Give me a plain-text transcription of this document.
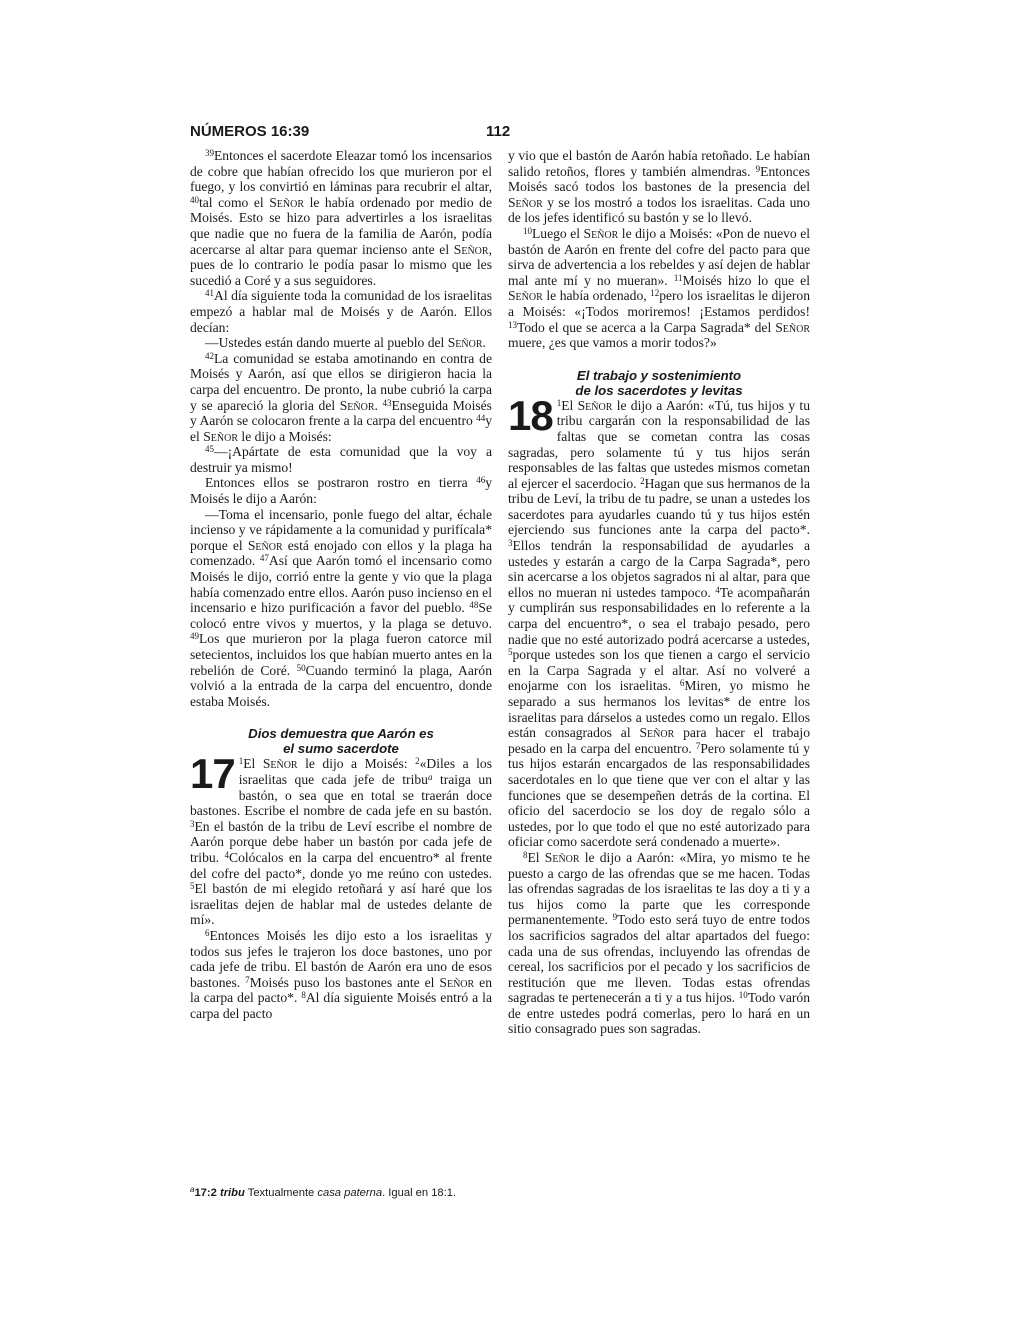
NÚMEROS 16:39	112

$^{39}$Entonces el sacerdote Eleazar tomó los incensarios de cobre que habían ofrecido los que murieron por el fuego, y los convirtió en láminas para recubrir el altar, $^{40}$tal como el Señor le había ordenado por medio de Moisés. Esto se hizo para advertirles a los israelitas que nadie que no fuera de la familia de Aarón, podía acercarse al altar para quemar incienso ante el Señor, pues de lo contrario le podía pasar lo mismo que les sucedió a Coré y a sus seguidores.

$^{41}$Al día siguiente toda la comunidad de los israelitas empezó a hablar mal de Moisés y de Aarón. Ellos decían:

—Ustedes están dando muerte al pueblo del Señor.

$^{42}$La comunidad se estaba amotinando en contra de Moisés y Aarón, así que ellos se dirigieron hacia la carpa del encuentro. De pronto, la nube cubrió la carpa y se apareció la gloria del Señor. $^{43}$Enseguida Moisés y Aarón se colocaron frente a la carpa del encuentro $^{44}$y el Señor le dijo a Moisés:

$^{45}$—¡Apártate de esta comunidad que la voy a destruir ya mismo!

Entonces ellos se postraron rostro en tierra $^{46}$y Moisés le dijo a Aarón:

—Toma el incensario, ponle fuego del altar, échale incienso y ve rápidamente a la comunidad y purifícala* porque el Señor está enojado con ellos y la plaga ha comenzado. $^{47}$Así que Aarón tomó el incensario como Moisés le dijo, corrió entre la gente y vio que la plaga había comenzado entre ellos. Aarón puso incienso en el incensario e hizo purificación a favor del pueblo. $^{48}$Se colocó entre vivos y muertos, y la plaga se detuvo. $^{49}$Los que murieron por la plaga fueron catorce mil setecientos, incluidos los que habían muerto antes en la rebelión de Coré. $^{50}$Cuando terminó la plaga, Aarón volvió a la entrada de la carpa del encuentro, donde estaba Moisés.

Dios demuestra que Aarón es
el sumo sacerdote

17 $^1$El Señor le dijo a Moisés: $^2$«Diles a los israelitas que cada jefe de tribu$^a$ traiga un bastón, o sea que en total se traerán doce bastones. Escribe el nombre de cada jefe en su bastón. $^3$En el bastón de la tribu de Leví escribe el nombre de Aarón porque debe haber un bastón por cada jefe de tribu. $^4$Colócalos en la carpa del encuentro* al frente del cofre del pacto*, donde yo me reúno con ustedes. $^5$El bastón de mi elegido retoñará y así haré que los israelitas dejen de hablar mal de ustedes delante de mí».

$^6$Entonces Moisés les dijo esto a los israelitas y todos sus jefes le trajeron los doce bastones, uno por cada jefe de tribu. El bastón de Aarón era uno de esos bastones. $^7$Moisés puso los bastones ante el Señor en la carpa del pacto*. $^8$Al día siguiente Moisés entró a la carpa del pacto

y vio que el bastón de Aarón había retoñado. Le habían salido retoños, flores y también almendras. $^9$Entonces Moisés sacó todos los bastones de la presencia del Señor y se los mostró a todos los israelitas. Cada uno de los jefes identificó su bastón y se lo llevó.

$^{10}$Luego el Señor le dijo a Moisés: «Pon de nuevo el bastón de Aarón en frente del cofre del pacto para que sirva de advertencia a los rebeldes y así dejen de hablar mal ante mí y no mueran». $^{11}$Moisés hizo lo que el Señor le había ordenado, $^{12}$pero los israelitas le dijeron a Moisés: «¡Todos moriremos! ¡Estamos perdidos! $^{13}$Todo el que se acerca a la Carpa Sagrada* del Señor muere, ¿es que vamos a morir todos?»

El trabajo y sostenimiento
de los sacerdotes y levitas

18 $^1$El Señor le dijo a Aarón: «Tú, tus hijos y tu tribu cargarán con la responsabilidad de las faltas que se cometan contra las cosas sagradas, pero solamente tú y tus hijos serán responsables de las faltas que ustedes mismos cometan al ejercer el sacerdocio. $^2$Hagan que sus hermanos de la tribu de Leví, la tribu de tu padre, se unan a ustedes los sacerdotes para ayudarles cuando tú y tus hijos estén ejerciendo sus funciones ante la carpa del pacto*. $^3$Ellos tendrán la responsabilidad de ayudarles a ustedes y estarán a cargo de la Carpa Sagrada*, pero sin acercarse a los objetos sagrados ni al altar, para que ellos no mueran ni ustedes tampoco. $^4$Te acompañarán y cumplirán sus responsabilidades en lo referente a la carpa del encuentro*, o sea el trabajo pesado, pero nadie que no esté autorizado podrá acercarse a ustedes, $^5$porque ustedes son los que tienen a cargo el servicio en la Carpa Sagrada y el altar. Así no volveré a enojarme con los israelitas. $^6$Miren, yo mismo he separado a sus hermanos los levitas* de entre los israelitas para dárselos a ustedes como un regalo. Ellos están consagrados al Señor para hacer el trabajo pesado en la carpa del encuentro. $^7$Pero solamente tú y tus hijos estarán encargados de las responsabilidades sacerdotales en lo que tiene que ver con el altar y las funciones que se desempeñen detrás de la cortina. El oficio del sacerdocio se los doy de regalo sólo a ustedes, por lo que todo el que no esté autorizado para oficiar como sacerdote será condenado a muerte».

$^8$El Señor le dijo a Aarón: «Mira, yo mismo te he puesto a cargo de las ofrendas que se me hacen. Todas las ofrendas sagradas de los israelitas te las doy a ti y a tus hijos como la parte que les corresponde permanentemente. $^9$Todo esto será tuyo de entre todos los sacrificios sagrados del altar apartados del fuego: cada una de sus ofrendas, incluyendo las ofrendas de cereal, los sacrificios por el pecado y los sacrificios de restitución que me lleven. Todas estas ofrendas sagradas te pertenecerán a ti y a tus hijos. $^{10}$Todo varón de entre ustedes podrá comerlas, pero lo hará en un sitio consagrado pues son sagradas.

$^a$17:2 tribu Textualmente casa paterna. Igual en 18:1.
